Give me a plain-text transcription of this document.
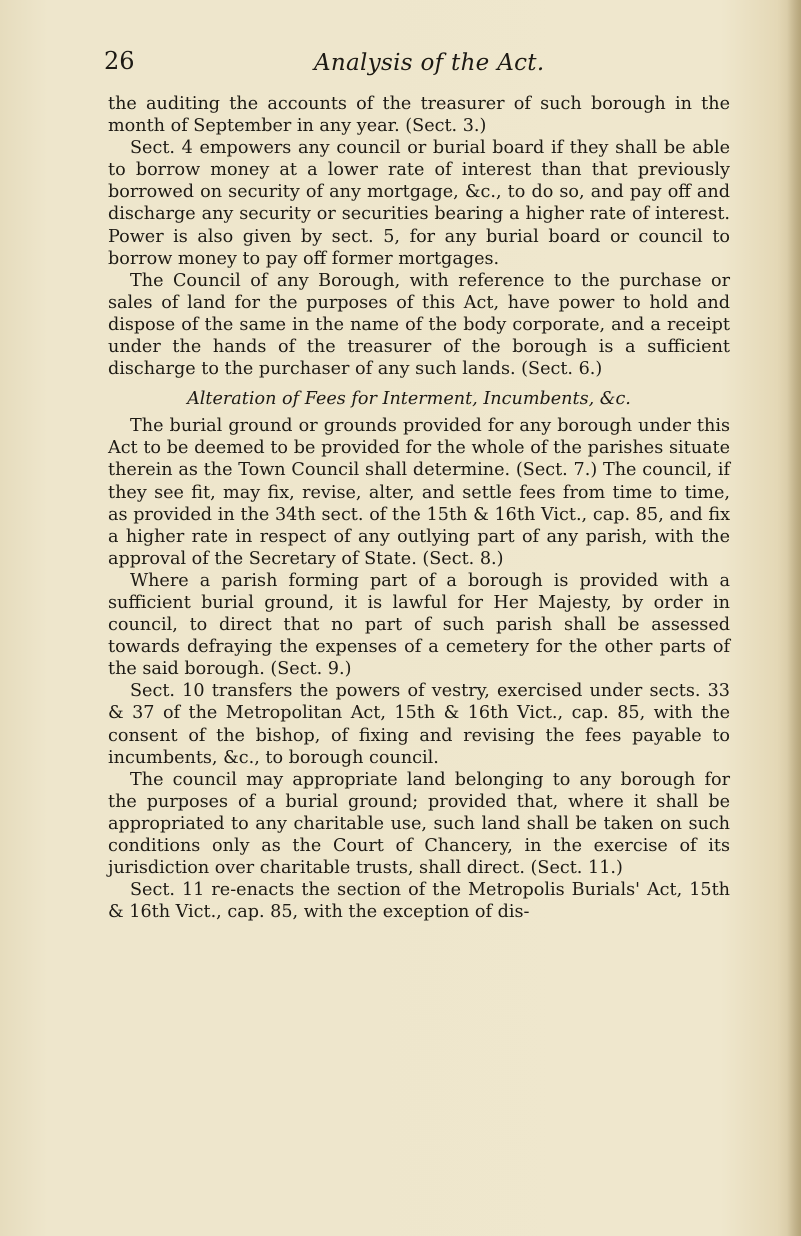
26	Analysis of the Act.

the auditing the accounts of the treasurer of such borough in the month of September in any year. (Sect. 3.)

Sect. 4 empowers any council or burial board if they shall be able to borrow money at a lower rate of interest than that previously borrowed on security of any mortgage, &c., to do so, and pay off and discharge any security or securities bearing a higher rate of interest. Power is also given by sect. 5, for any burial board or council to borrow money to pay off former mortgages.

The Council of any Borough, with reference to the purchase or sales of land for the purposes of this Act, have power to hold and dispose of the same in the name of the body corporate, and a receipt under the hands of the treasurer of the borough is a sufficient discharge to the purchaser of any such lands. (Sect. 6.)

Alteration of Fees for Interment, Incumbents, &c.

The burial ground or grounds provided for any borough under this Act to be deemed to be provided for the whole of the parishes situate therein as the Town Council shall determine. (Sect. 7.) The council, if they see fit, may fix, revise, alter, and settle fees from time to time, as provided in the 34th sect. of the 15th & 16th Vict., cap. 85, and fix a higher rate in respect of any outlying part of any parish, with the approval of the Secretary of State. (Sect. 8.)

Where a parish forming part of a borough is provided with a sufficient burial ground, it is lawful for Her Majesty, by order in council, to direct that no part of such parish shall be assessed towards defraying the expenses of a cemetery for the other parts of the said borough. (Sect. 9.)

Sect. 10 transfers the powers of vestry, exercised under sects. 33 & 37 of the Metropolitan Act, 15th & 16th Vict., cap. 85, with the consent of the bishop, of fixing and revising the fees payable to incumbents, &c., to borough council.

The council may appropriate land belonging to any borough for the purposes of a burial ground; provided that, where it shall be appropriated to any charitable use, such land shall be taken on such conditions only as the Court of Chancery, in the exercise of its jurisdiction over charitable trusts, shall direct. (Sect. 11.)

Sect. 11 re-enacts the section of the Metropolis Burials' Act, 15th & 16th Vict., cap. 85, with the exception of dis-
